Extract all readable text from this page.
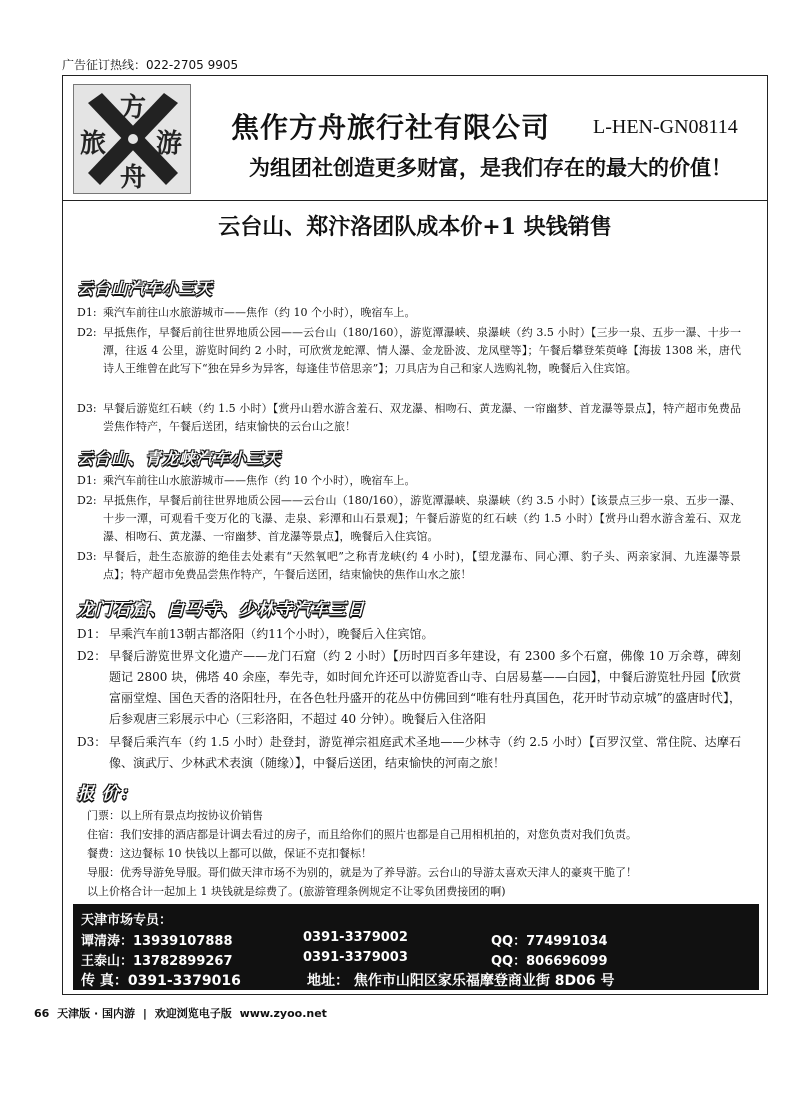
广告征订热线：022-2705 9905
方
旅 游
舟
焦作方舟旅行社有限公司 L-HEN-GN08114
为组团社创造更多财富，是我们存在的最大的价值！
云台山、郑汴洛团队成本价+1 块钱销售
云台山汽车小三天
D1: 乘汽车前往山水旅游城市——焦作（约 10 个小时），晚宿车上。
D2: 早抵焦作，早餐后前往世界地质公园——云台山（180/160），游览潭瀑峡、泉瀑峡（约 3.5 小时）【三步一泉、五步一瀑、十步一潭，往返 4 公里，游览时间约 2 小时，可欣赏龙蛇潭、情人瀑、金龙卧波、龙凤壁等】；午餐后攀登茱萸峰【海拔 1308 米，唐代诗人王维曾在此写下“独在异乡为异客，每逢佳节倍思亲”】；刀具店为自己和家人选购礼物，晚餐后入住宾馆。
D3: 早餐后游览红石峡（约 1.5 小时）【赏丹山碧水游含羞石、双龙瀑、相吻石、黄龙瀑、一帘幽梦、首龙瀑等景点】，特产超市免费品尝焦作特产，午餐后送团，结束愉快的云台山之旅！
云台山、青龙峡汽车小三天
D1: 乘汽车前往山水旅游城市——焦作（约 10 个小时），晚宿车上。
D2: 早抵焦作，早餐后前往世界地质公园——云台山（180/160），游览潭瀑峡、泉瀑峡（约 3.5 小时）【该景点三步一泉、五步一瀑、十步一潭，可观看千变万化的飞瀑、走泉、彩潭和山石景观】；午餐后游览的红石峡（约 1.5 小时）【赏丹山碧水游含羞石、双龙瀑、相吻石、黄龙瀑、一帘幽梦、首龙瀑等景点】，晚餐后入住宾馆。
D3: 早餐后，赴生态旅游的绝佳去处素有“天然氧吧”之称青龙峡(约 4 小时)，【望龙瀑布、同心潭、豹子头、两亲家洞、九连瀑等景点】；特产超市免费品尝焦作特产，午餐后送团，结束愉快的焦作山水之旅！
龙门石窟、白马寺、少林寺汽车三日
D1： 早乘汽车前13朝古都洛阳（约11个小时），晚餐后入住宾馆。
D2： 早餐后游览世界文化遗产——龙门石窟（约 2 小时）【历时四百多年建设，有 2300 多个石窟，佛像 10 万余尊，碑刻题记 2800 块，佛塔 40 余座，奉先寺，如时间允许还可以游览香山寺、白居易墓——白园】，中餐后游览牡丹园【欣赏富丽堂煌、国色天香的洛阳牡丹，在各色牡丹盛开的花丛中仿佛回到“唯有牡丹真国色，花开时节动京城”的盛唐时代】，后参观唐三彩展示中心（三彩洛阳，不超过 40 分钟）。晚餐后入住洛阳
D3： 早餐后乘汽车（约 1.5 小时）赴登封，游览禅宗祖庭武术圣地——少林寺（约 2.5 小时）【百罗汉堂、常住院、达摩石像、演武厅、少林武术表演（随缘）】，中餐后送团，结束愉快的河南之旅！
报 价：
门票：以上所有景点均按协议价销售
住宿：我们安排的酒店都是计调去看过的房子，而且给你们的照片也都是自己用相机拍的，对您负责对我们负责。
餐费：这边餐标 10 快钱以上都可以做，保证不克扣餐标！
导服：优秀导游免导服。哥们做天津市场不为别的，就是为了养导游。云台山的导游太喜欢天津人的豪爽干脆了！
以上价格合计一起加上 1 块钱就是综费了。(旅游管理条例规定不让零负团费接团的啊)
天津市场专员：
谭清涛：13939107888	0391-3379002	QQ：774991034
王泰山：13782899267	0391-3379003	QQ：806696099
传 真：0391-3379016	地址： 焦作市山阳区家乐福摩登商业街 8D06 号
66 天津版 · 国内游 | 欢迎浏览电子版 www.zyoo.net
